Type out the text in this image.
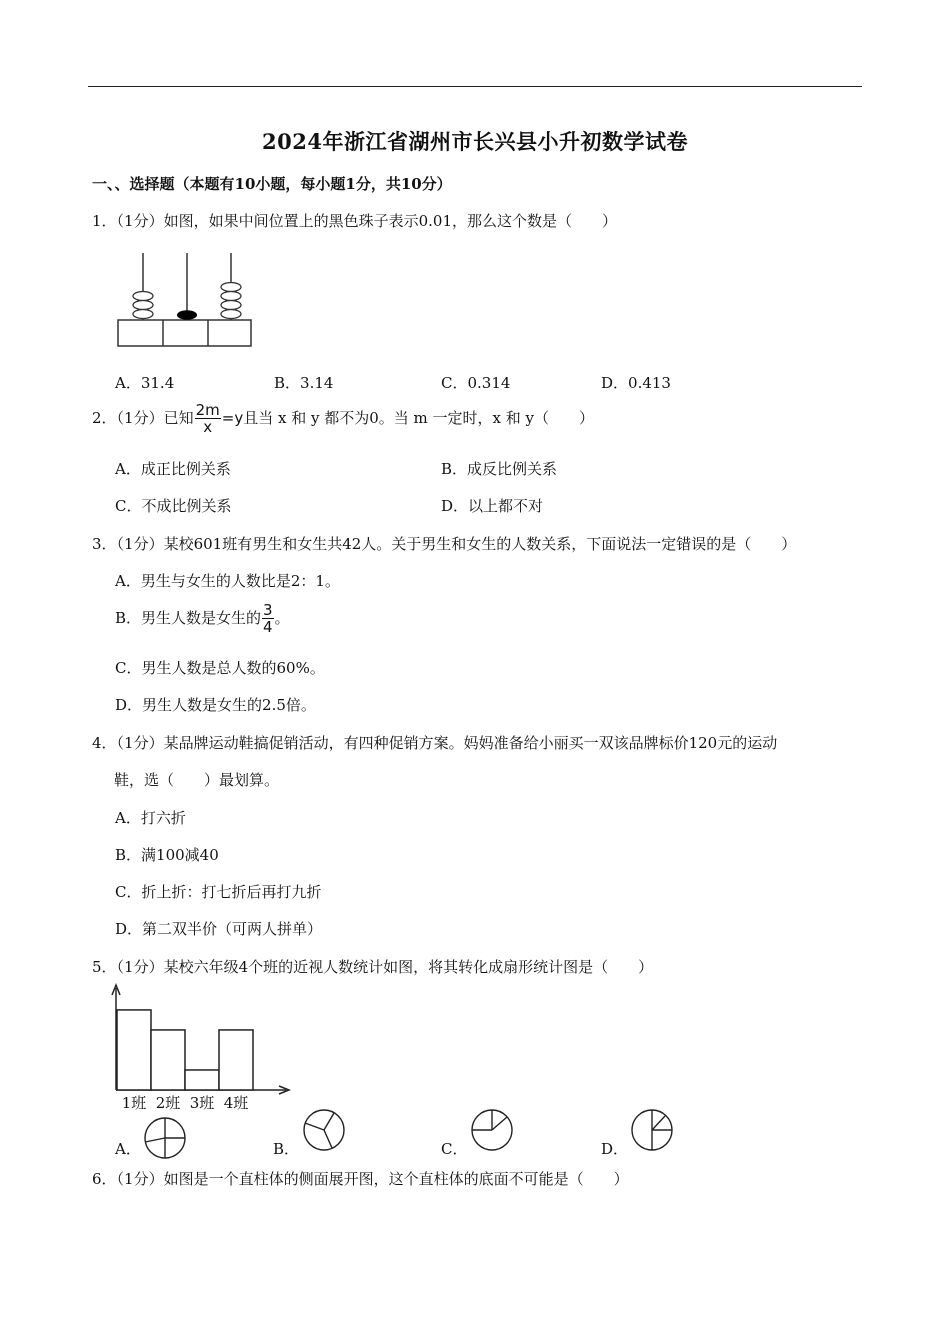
2024年浙江省湖州市长兴县小升初数学试卷
一、、选择题（本题有10小题，每小题1分，共10分）
1．（1分）如图，如果中间位置上的黑色珠子表示0.01，那么这个数是（　　）
A．31.4	B．3.14	C．0.314	D．0.413
2．（1分）已知 $\frac{2m}{x} =y$且当 x 和 y 都不为0。当 m 一定时，x 和 y（　　）
A．成正比例关系	B．成反比例关系
C．不成比例关系	D．以上都不对
3．（1分）某校601班有男生和女生共42人。关于男生和女生的人数关系，下面说法一定错误的是（　　）
A．男生与女生的人数比是2：1。
B．男生人数是女生的 $\frac{3}{4}$ 。
C．男生人数是总人数的60%。
D．男生人数是女生的2.5倍。
4．（1分）某品牌运动鞋搞促销活动，有四种促销方案。妈妈准备给小丽买一双该品牌标价120元的运动
鞋，选（　　）最划算。
A．打六折
B．满100减40
C．折上折：打七折后再打九折
D．第二双半价（可两人拼单）
5．（1分）某校六年级4个班的近视人数统计如图，将其转化成扇形统计图是（　　）
1班 2班 3班 4班
A．	B．	C．	D．
6．（1分）如图是一个直柱体的侧面展开图，这个直柱体的底面不可能是（　　）
